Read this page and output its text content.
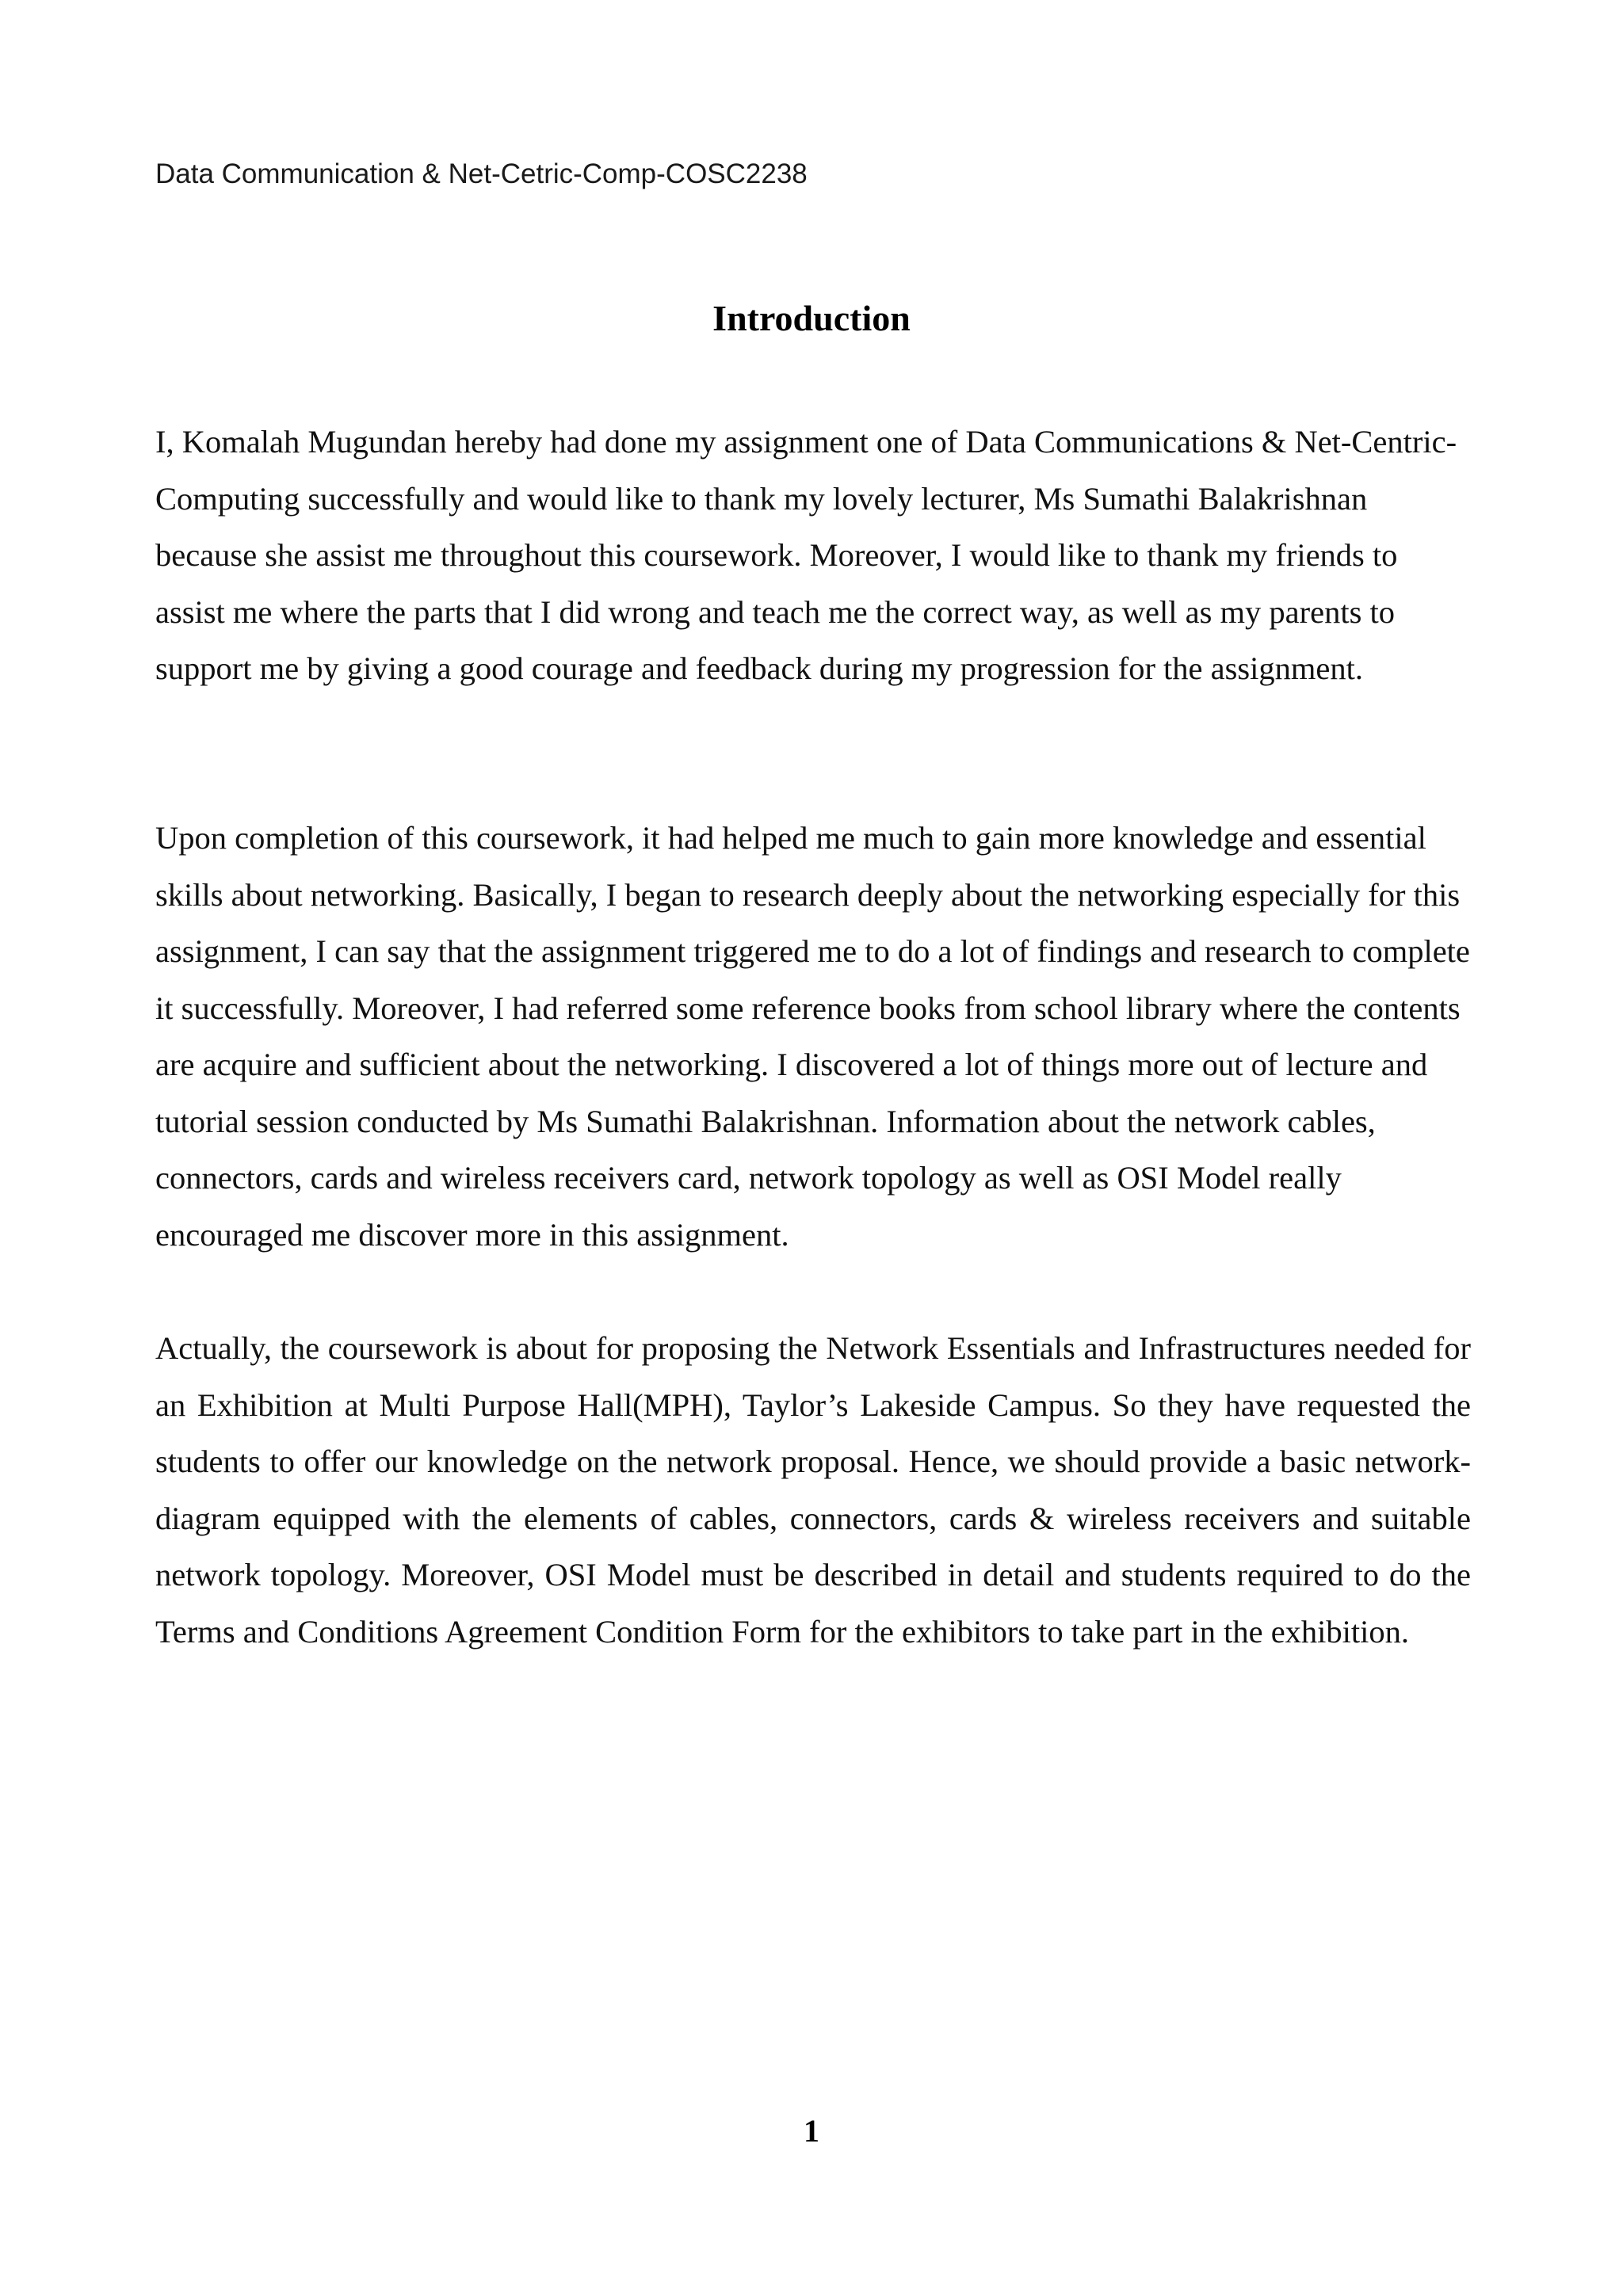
Data Communication & Net-Cetric-Comp-COSC2238
Introduction

I, Komalah Mugundan hereby had done my assignment one of Data Communications & Net-Centric-Computing successfully and would like to thank my lovely lecturer, Ms Sumathi Balakrishnan because she assist me throughout this coursework. Moreover, I would like to thank my friends to assist me where the parts that I did wrong and teach me the correct way, as well as my parents to support me by giving a good courage and feedback during my progression for the assignment.

Upon completion of this coursework, it had helped me much to gain more knowledge and essential skills about networking. Basically, I began to research deeply about the networking especially for this assignment, I can say that the assignment triggered me to do a lot of findings and research to complete it successfully. Moreover, I had referred some reference books from school library where the contents are acquire and sufficient about the networking. I discovered a lot of things more out of lecture and tutorial session conducted by Ms Sumathi Balakrishnan. Information about the network cables, connectors, cards and wireless receivers card, network topology as well as OSI Model really encouraged me discover more in this assignment.

Actually, the coursework is about for proposing the Network Essentials and Infrastructures needed for an Exhibition at Multi Purpose Hall(MPH), Taylor’s Lakeside Campus. So they have requested the students to offer our knowledge on the network proposal. Hence, we should provide a basic network-diagram equipped with the elements of cables, connectors, cards & wireless receivers and suitable network topology. Moreover, OSI Model must be described in detail and students required to do the Terms and Conditions Agreement Condition Form for the exhibitors to take part in the exhibition.

1
